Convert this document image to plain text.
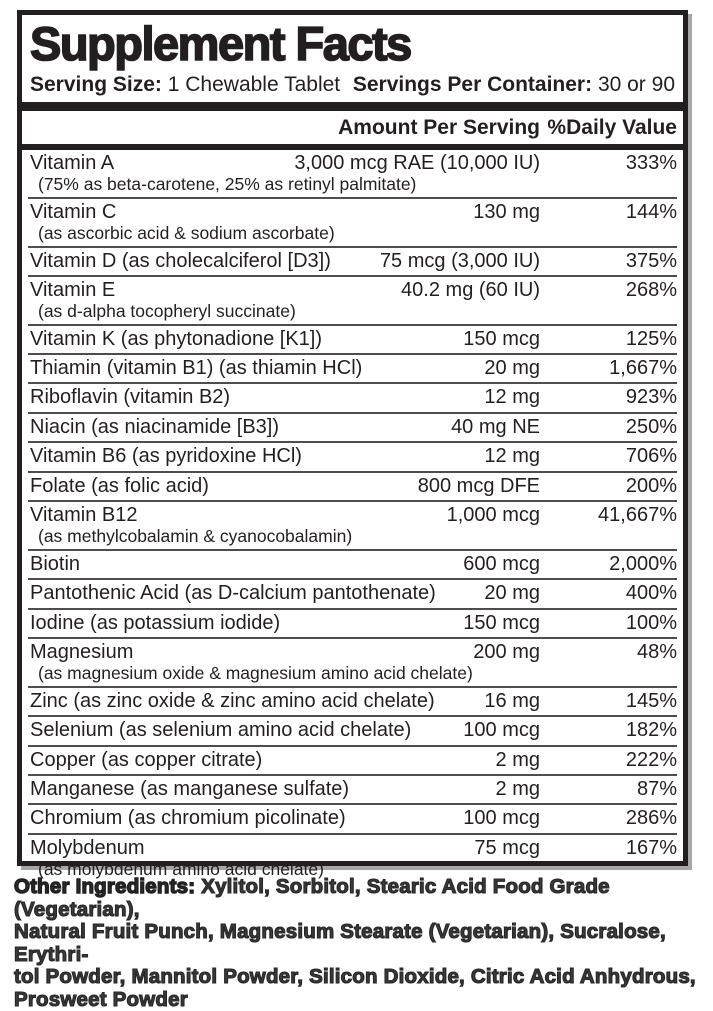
Supplement Facts
Serving Size: 1 Chewable Tablet Servings Per Container: 30 or 90
Amount Per Serving %Daily Value
Vitamin A	3,000 mcg RAE (10,000 IU)	333%
(75% as beta-carotene, 25% as retinyl palmitate)
Vitamin C	130 mg	144%
(as ascorbic acid & sodium ascorbate)
Vitamin D (as cholecalciferol [D3])	75 mcg (3,000 IU)	375%
Vitamin E	40.2 mg (60 IU)	268%
(as d-alpha tocopheryl succinate)
Vitamin K (as phytonadione [K1])	150 mcg	125%
Thiamin (vitamin B1) (as thiamin HCl)	20 mg	1,667%
Riboflavin (vitamin B2)	12 mg	923%
Niacin (as niacinamide [B3])	40 mg NE	250%
Vitamin B6 (as pyridoxine HCl)	12 mg	706%
Folate (as folic acid)	800 mcg DFE	200%
Vitamin B12	1,000 mcg	41,667%
(as methylcobalamin & cyanocobalamin)
Biotin	600 mcg	2,000%
Pantothenic Acid (as D-calcium pantothenate)	20 mg	400%
Iodine (as potassium iodide)	150 mcg	100%
Magnesium	200 mg	48%
(as magnesium oxide & magnesium amino acid chelate)
Zinc (as zinc oxide & zinc amino acid chelate)	16 mg	145%
Selenium (as selenium amino acid chelate)	100 mcg	182%
Copper (as copper citrate)	2 mg	222%
Manganese (as manganese sulfate)	2 mg	87%
Chromium (as chromium picolinate)	100 mcg	286%
Molybdenum	75 mcg	167%
(as molybdenum amino acid chelate)
Other Ingredients: Xylitol, Sorbitol, Stearic Acid Food Grade (Vegetarian),
Natural Fruit Punch, Magnesium Stearate (Vegetarian), Sucralose, Erythri-
tol Powder, Mannitol Powder, Silicon Dioxide, Citric Acid Anhydrous,
Prosweet Powder
